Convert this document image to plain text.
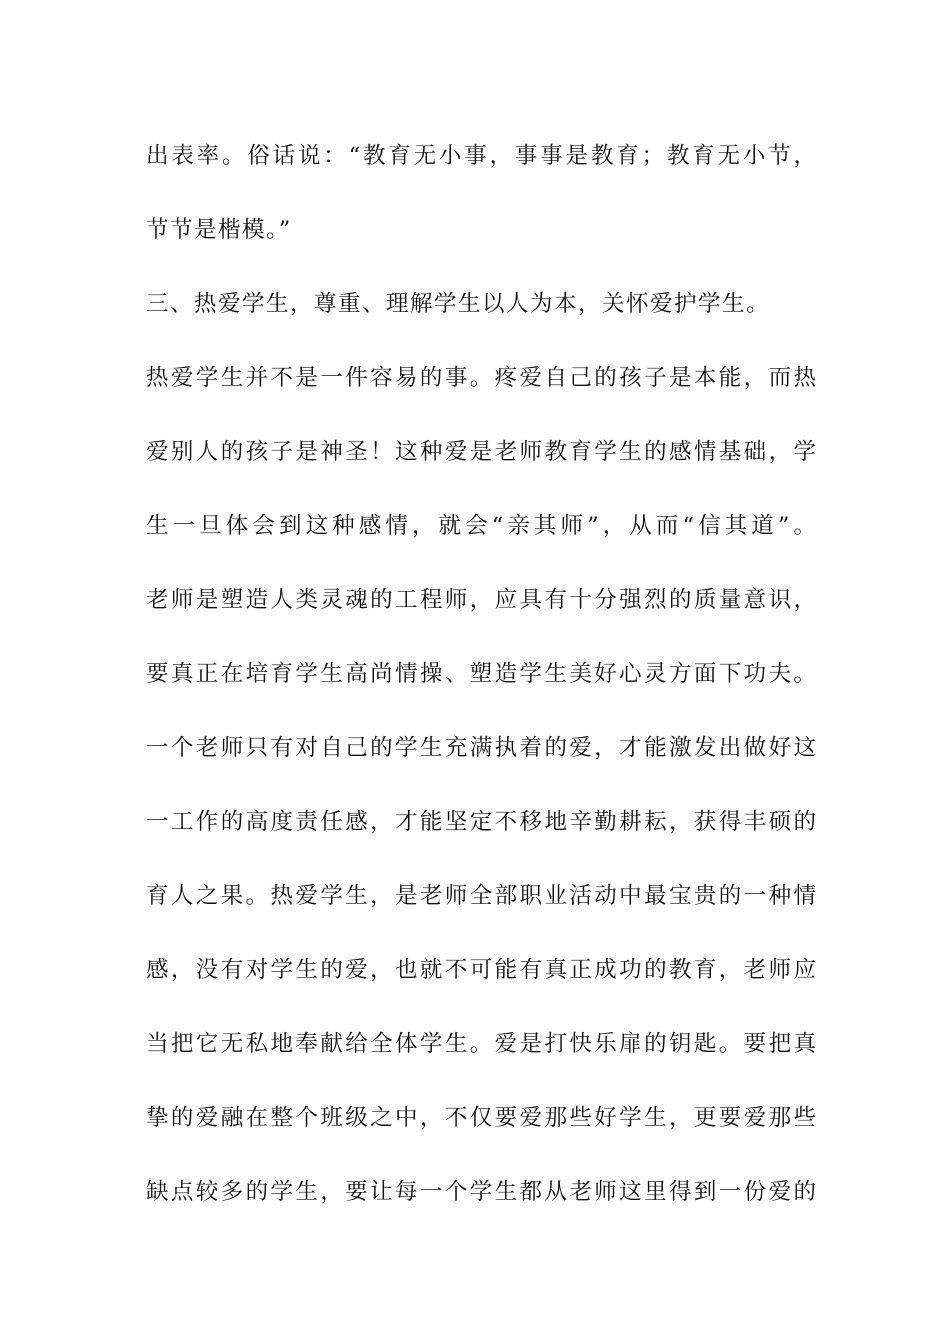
出表率。俗话说：“教育无小事，事事是教育；教育无小节，
节节是楷模。”
三、热爱学生，尊重、理解学生以人为本，关怀爱护学生。
热爱学生并不是一件容易的事。疼爱自己的孩子是本能，而热
爱别人的孩子是神圣！这种爱是老师教育学生的感情基础，学
生一旦体会到这种感情，就会“亲其师”，从而“信其道”。
老师是塑造人类灵魂的工程师，应具有十分强烈的质量意识，
要真正在培育学生高尚情操、塑造学生美好心灵方面下功夫。
一个老师只有对自己的学生充满执着的爱，才能激发出做好这
一工作的高度责任感，才能坚定不移地辛勤耕耘，获得丰硕的
育人之果。热爱学生，是老师全部职业活动中最宝贵的一种情
感，没有对学生的爱，也就不可能有真正成功的教育，老师应
当把它无私地奉献给全体学生。爱是打快乐扉的钥匙。要把真
挚的爱融在整个班级之中，不仅要爱那些好学生，更要爱那些
缺点较多的学生，要让每一个学生都从老师这里得到一份爱的
